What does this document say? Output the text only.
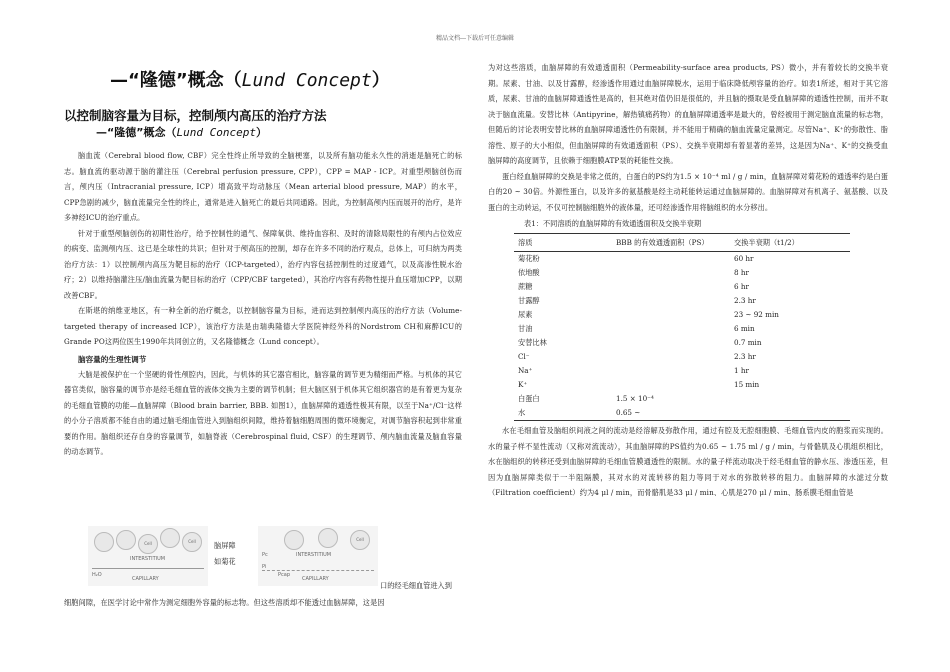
精品文档---下载后可任意编辑
—“隆德”概念（Lund Concept）
以控制脑容量为目标，控制颅内高压的治疗方法
—“隆德”概念（Lund Concept）

脑血流（Cerebral blood flow, CBF）完全性终止所导致的全脑梗塞，以及所有脑功能永久性的消逝是脑死亡的标志。脑血流的驱动源于脑的灌注压（Cerebral perfusion pressure, CPP），CPP = MAP - ICP。对重型颅脑创伤而言，颅内压（Intracranial pressure, ICP）增高致平均动脉压（Mean arterial blood pressure, MAP）的水平，CPP急剧的减少，脑血流量完全性的终止，通常是进入脑死亡的最后共同通路。因此，为控制高颅内压而展开的治疗，是许多神经ICU的治疗重点。

针对于重型颅脑创伤的初期性治疗，给予控制性的通气、保障氧供、维持血容积、及时的清除局限性的有颅内占位效应的病变、监测颅内压、这已是全球性的共识；但针对于颅高压的控制，却存在许多不同的治疗观点，总体上，可归纳为两类治疗方法：1）以控制颅内高压为靶目标的治疗（ICP-targeted），治疗内容包括控制性的过度通气，以及高渗性脱水治疗；2）以维持脑灌注压/脑血流量为靶目标的治疗（CPP/CBF targeted），其治疗内容有药物性提升血压增加CPP，以期改善CBF。

在斯堪的纳维亚地区，有一种全新的治疗概念，以控制脑容量为目标，进而达到控制颅内高压的治疗方法（Volume-targeted therapy of increased ICP），该治疗方法是由瑞典隆德大学医院神经外科的Nordstrom CH和麻醉ICU的Grande PO这两位医生1990年共同创立的，又名隆德概念（Lund concept）。

脑容量的生理性调节

大脑是被保护在一个坚硬的骨性颅腔内，因此，与机体的其它器官相比，脑容量的调节更为精细而严格。与机体的其它器官类似，脑容量的调节亦是经毛细血管的液体交换为主要的调节机制；但大脑区别于机体其它组织器官的是有着更为复杂的毛细血管膜的功能—血脑屏障（Blood brain barrier, BBB. 如图1），血脑屏障的通透性极其有限，以至于Na⁺/Cl⁻这样的小分子溶质都不能自由的通过脑毛细血管进入到脑组织间隙，维持着脑细胞周围的微环境衡定，对调节脑容积起到非常重要的作用。脑组织还存自身的容量调节，如脑脊液（Cerebrospinal fluid, CSF）的生理调节、颅内脑血流量及脑血容量的动态调节。

Cell	Cell
INTERSTITIUM
H₂O
CAPILLARY
脑屏障
如菊花
Cell
Pc	INTERSTITIUM
Pi
Pcap
CAPILLARY
口的经毛细血管进入到

细胞间隙，在医学讨论中常作为测定细胞外容量的标志物。但这些溶质却不能透过血脑屏障，这是因

为对这些溶质，血脑屏障的有效通透面积（Permeability-surface area products, PS）微小，并有着较长的交换半衰期。尿素、甘油、以及甘露醇，经渗透作用通过血脑屏障脱水，运用于临床降低颅容量的治疗。如表1所述，相对于其它溶质，尿素、甘油的血脑屏障通透性是高的，但其绝对值仍旧是很低的，并且脑的摄取是受血脑屏障的通透性控制，而并不取决于脑血流量。安替比林（Antipyrine，解热镇痛药物）的血脑屏障通透率是最大的，曾经被用于测定脑血流量的标志物，但随后的讨论表明安替比林的血脑屏障通透性仍有限制，并不能用于精确的脑血流量定量测定。尽管Na⁺、K⁺的弥散性、脂溶性、原子的大小相似，但血脑屏障的有效通透面积（PS）、交换半衰期却有着显著的差异，这是因为Na⁺、K⁺的交换受血脑屏障的高度调节，且依赖于细胞膜ATP泵的耗能性交换。

蛋白经血脑屏障的交换是非常之低的，白蛋白的PS约为1.5 × 10⁻⁴ ml / g / min，血脑屏障对菊花粉的通透率约是白蛋白的20 ~ 30倍。外源性蛋白，以及许多的氨基酸是经主动耗能转运通过血脑屏障的。血脑屏障对有机离子、氨基酸、以及蛋白的主动转运，不仅可控制脑细胞外的液体量，还可经渗透作用将脑组织的水分移出。

表1：不同溶质的血脑屏障的有效通透面积及交换半衰期
溶质	BBB 的有效通透面积（PS）	交换半衰期（t1/2）
菊花粉		60 hr
依地酸		8 hr
蔗糖		6 hr
甘露醇		2.3 hr
尿素		23 ~ 92 min
甘油		6 min
安替比林		0.7 min
Cl⁻		2.3 hr
Na⁺		1 hr
K⁺		15 min
白蛋白	1.5 × 10⁻⁴	
水	0.65 ~	

水在毛细血管及脑组织间液之间的流动是经溶解及弥散作用，通过有腔及无腔细胞膜、毛细血管内皮的胞浆而实现的。水的量子样不显性流动（又称对流流动），其血脑屏障的PS值约为0.65 ~ 1.75 ml / g / min，与骨骼肌及心肌组织相比，水在脑组织的转移还受到血脑屏障的毛细血管膜通透性的限制。水的量子样流动取决于经毛细血管的静水压、渗透压差，但因为血脑屏障类似于一半阻隔膜，其对水的对流转移的阻力等同于对水的弥散转移的阻力。血脑屏障的水滤过分数（Filtration coefficient）约为4 μl / min，而骨骼肌是33 μl / min、心肌是270 μl / min、肠系膜毛细血管是
